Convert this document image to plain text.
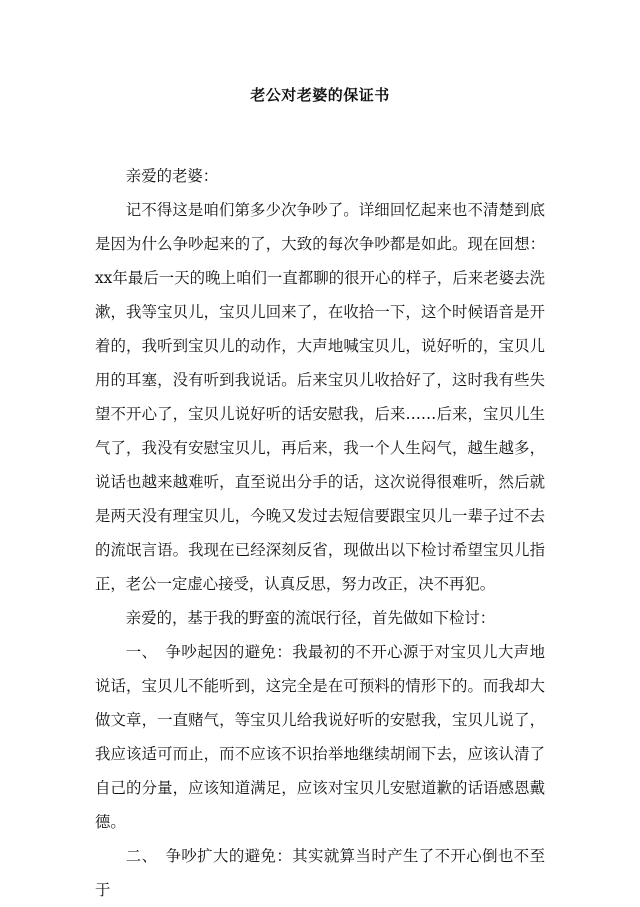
老公对老婆的保证书

亲爱的老婆：

记不得这是咱们第多少次争吵了。详细回忆起来也不清楚到底是因为什么争吵起来的了，大致的每次争吵都是如此。现在回想：xx年最后一天的晚上咱们一直都聊的很开心的样子，后来老婆去洗漱，我等宝贝儿，宝贝儿回来了，在收拾一下，这个时候语音是开着的，我听到宝贝儿的动作，大声地喊宝贝儿，说好听的，宝贝儿用的耳塞，没有听到我说话。后来宝贝儿收拾好了，这时我有些失望不开心了，宝贝儿说好听的话安慰我，后来……后来，宝贝儿生气了，我没有安慰宝贝儿，再后来，我一个人生闷气，越生越多，说话也越来越难听，直至说出分手的话，这次说得很难听，然后就是两天没有理宝贝儿，今晚又发过去短信要跟宝贝儿一辈子过不去的流氓言语。我现在已经深刻反省，现做出以下检讨希望宝贝儿指正，老公一定虚心接受，认真反思，努力改正，决不再犯。

亲爱的，基于我的野蛮的流氓行径，首先做如下检讨：

一、　争吵起因的避免：我最初的不开心源于对宝贝儿大声地说话，宝贝儿不能听到，这完全是在可预料的情形下的。而我却大做文章，一直赌气，等宝贝儿给我说好听的安慰我，宝贝儿说了，我应该适可而止，而不应该不识抬举地继续胡闹下去，应该认清了自己的分量，应该知道满足，应该对宝贝儿安慰道歉的话语感恩戴德。

二、　争吵扩大的避免：其实就算当时产生了不开心倒也不至于
